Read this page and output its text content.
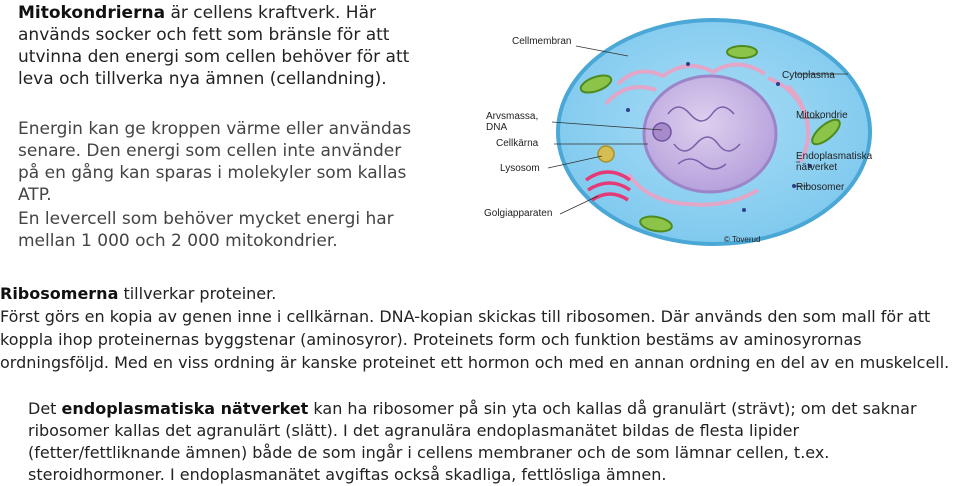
Mitokondrierna är cellens kraftverk. Här används socker och fett som bränsle för att utvinna den energi som cellen behöver för att leva och tillverka nya ämnen (cellandning).
Energin kan ge kroppen värme eller användas senare. Den energi som cellen inte använder på en gång kan sparas i molekyler som kallas ATP.
En levercell som behöver mycket energi har mellan 1 000 och 2 000 mitokondrier.
Cellmembran
Arvsmassa,
DNA
Cellkärna
Lysosom
Golgiapparaten
Cytoplasma
Mitokondrie
Endoplasmatiska
nätverket
Ribosomer
© Toverud
Ribosomerna tillverkar proteiner.
Först görs en kopia av genen inne i cellkärnan. DNA-kopian skickas till ribosomen. Där används den som mall för att koppla ihop proteinernas byggstenar (aminosyror). Proteinets form och funktion bestäms av aminosyrornas ordningsföljd. Med en viss ordning är kanske proteinet ett hormon och med en annan ordning en del av en muskelcell.
Det endoplasmatiska nätverket kan ha ribosomer på sin yta och kallas då granulärt (strävt); om det saknar ribosomer kallas det agranulärt (slätt). I det agranulära endoplasmanätet bildas de flesta lipider (fetter/fettliknande ämnen) både de som ingår i cellens membraner och de som lämnar cellen, t.ex. steroidhormoner. I endoplasmanätet avgiftas också skadliga, fettlösliga ämnen.
